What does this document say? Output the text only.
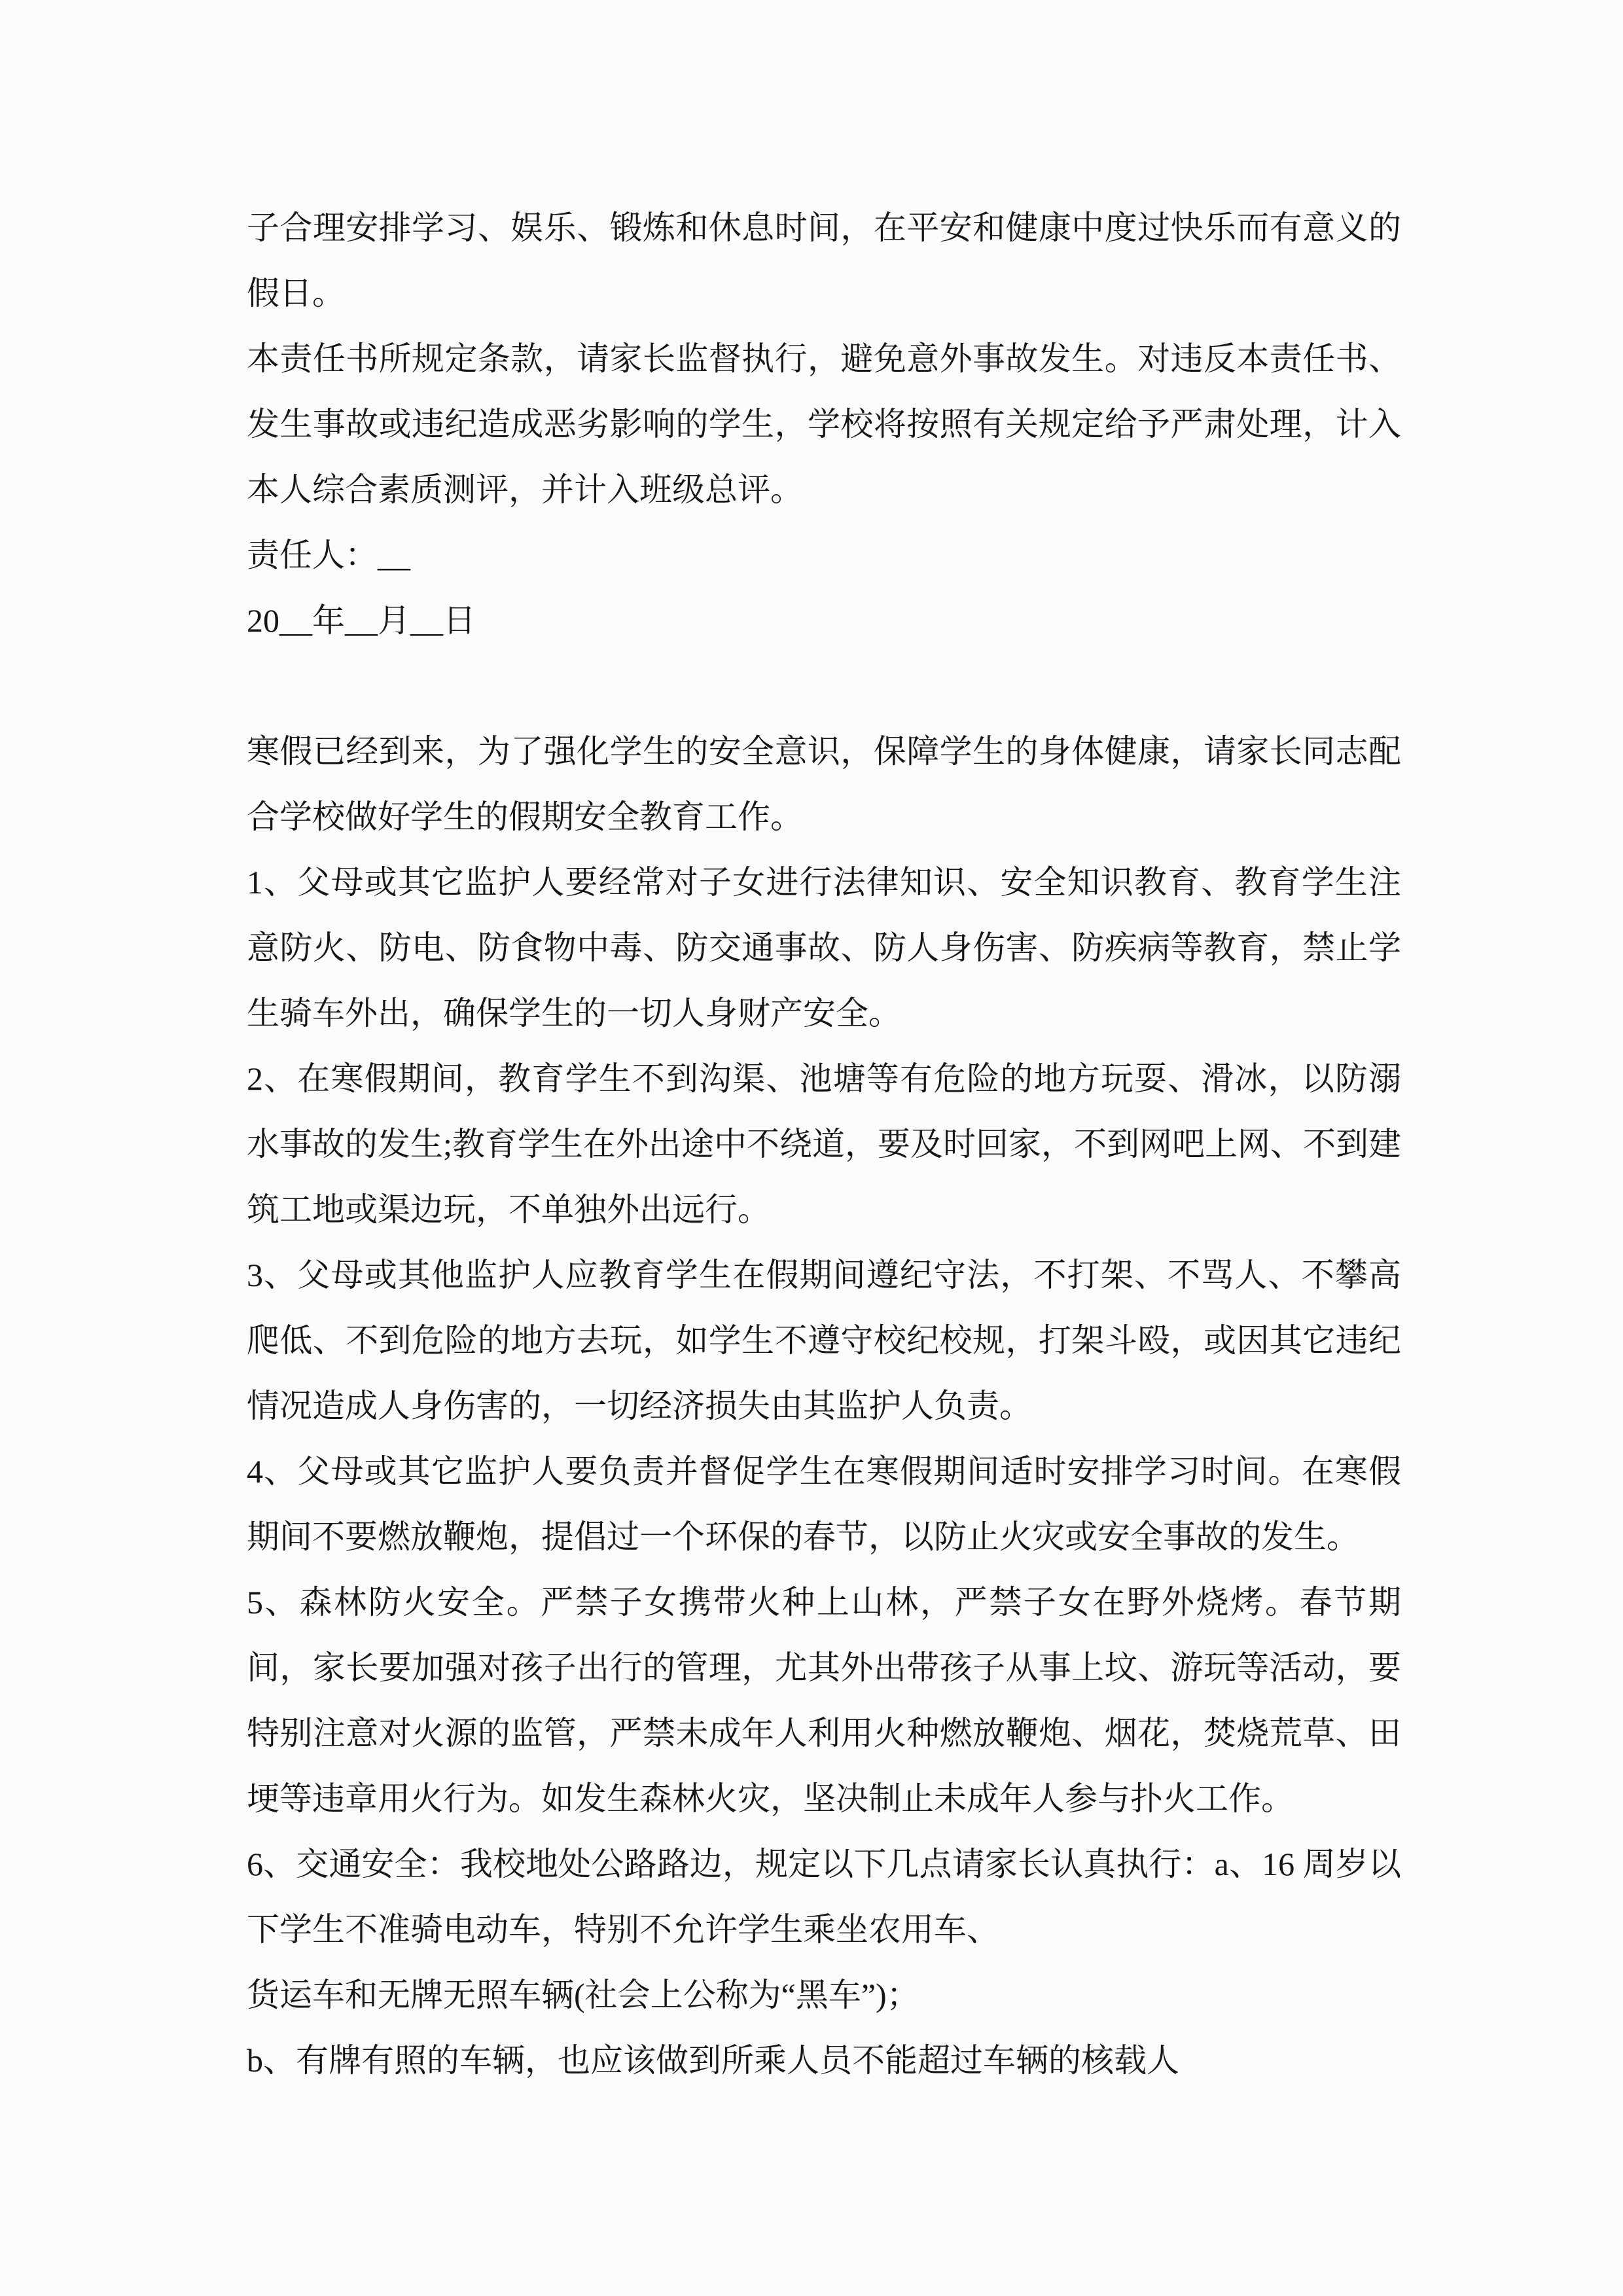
子合理安排学习、娱乐、锻炼和休息时间，在平安和健康中度过快乐而有意义的假日。

本责任书所规定条款，请家长监督执行，避免意外事故发生。对违反本责任书、发生事故或违纪造成恶劣影响的学生，学校将按照有关规定给予严肃处理，计入本人综合素质测评，并计入班级总评。

责任人：__

20__年__月__日

寒假已经到来，为了强化学生的安全意识，保障学生的身体健康，请家长同志配合学校做好学生的假期安全教育工作。

1、父母或其它监护人要经常对子女进行法律知识、安全知识教育、教育学生注意防火、防电、防食物中毒、防交通事故、防人身伤害、防疾病等教育，禁止学生骑车外出，确保学生的一切人身财产安全。

2、在寒假期间，教育学生不到沟渠、池塘等有危险的地方玩耍、滑冰，以防溺水事故的发生;教育学生在外出途中不绕道，要及时回家，不到网吧上网、不到建筑工地或渠边玩，不单独外出远行。

3、父母或其他监护人应教育学生在假期间遵纪守法，不打架、不骂人、不攀高爬低、不到危险的地方去玩，如学生不遵守校纪校规，打架斗殴，或因其它违纪情况造成人身伤害的，一切经济损失由其监护人负责。

4、父母或其它监护人要负责并督促学生在寒假期间适时安排学习时间。在寒假期间不要燃放鞭炮，提倡过一个环保的春节，以防止火灾或安全事故的发生。

5、森林防火安全。严禁子女携带火种上山林，严禁子女在野外烧烤。春节期间，家长要加强对孩子出行的管理，尤其外出带孩子从事上坟、游玩等活动，要特别注意对火源的监管，严禁未成年人利用火种燃放鞭炮、烟花，焚烧荒草、田埂等违章用火行为。如发生森林火灾，坚决制止未成年人参与扑火工作。

6、交通安全：我校地处公路路边，规定以下几点请家长认真执行：a、16 周岁以下学生不准骑电动车，特别不允许学生乘坐农用车、

货运车和无牌无照车辆(社会上公称为“黑车”)；

b、有牌有照的车辆，也应该做到所乘人员不能超过车辆的核载人
